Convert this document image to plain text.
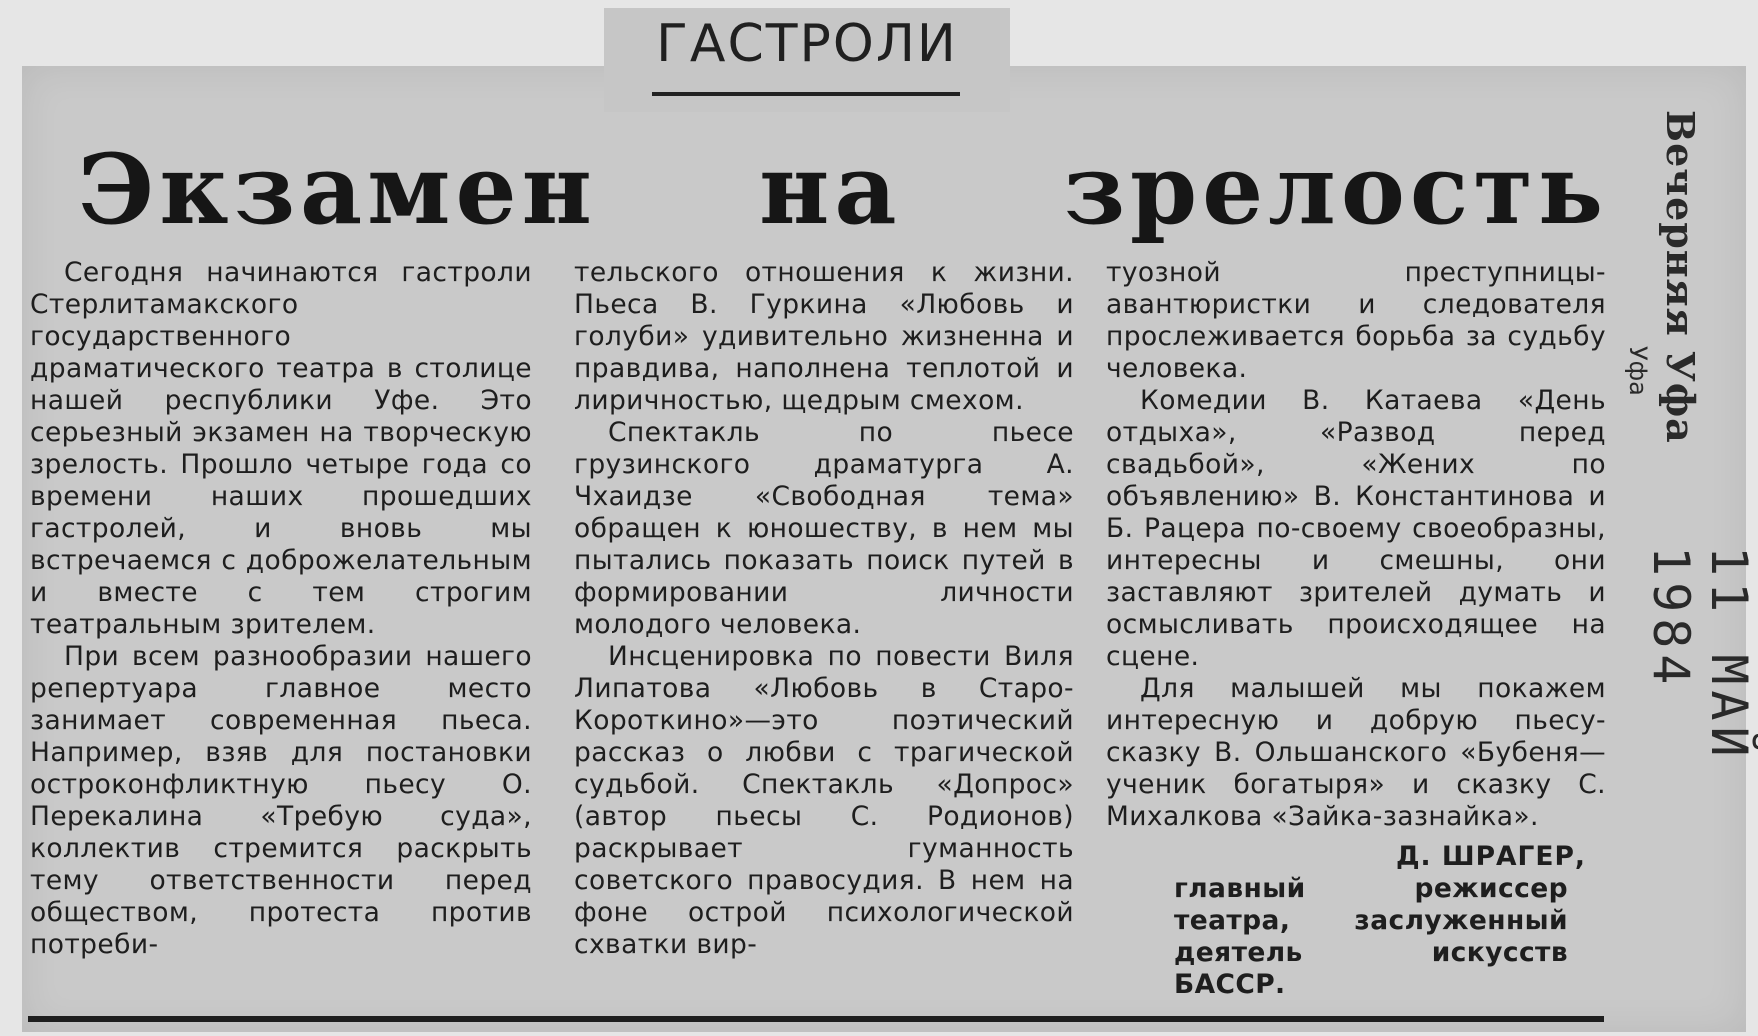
ГАСТРОЛИ
Экзамен на зрелость

Сегодня начинаются гастроли Стерлитамакского государственного драматического театра в столице нашей республики Уфе. Это серьезный экзамен на творческую зрелость. Прошло четыре года со времени наших прошедших гастролей, и вновь мы встречаемся с доброжелательным и вместе с тем строгим театральным зрителем.

При всем разнообразии нашего репертуара главное место занимает современная пьеса. Например, взяв для постановки остроконфликтную пьесу О. Перекалина «Требую суда», коллектив стремится раскрыть тему ответственности перед обществом, протеста против потреби-

тельского отношения к жизни. Пьеса В. Гуркина «Любовь и голуби» удивительно жизненна и правдива, наполнена теплотой и лиричностью, щедрым смехом.

Спектакль по пьесе грузинского драматурга А. Чхаидзе «Свободная тема» обращен к юношеству, в нем мы пытались показать поиск путей в формировании личности молодого человека.

Инсценировка по повести Виля Липатова «Любовь в Старо-Короткино»—это поэтический рассказ о любви с трагической судьбой. Спектакль «Допрос» (автор пьесы С. Родионов) раскрывает гуманность советского правосудия. В нем на фоне острой психологической схватки вир-

туозной преступницы-авантюристки и следователя прослеживается борьба за судьбу человека.

Комедии В. Катаева «День отдыха», «Развод перед свадьбой», «Жених по объявлению» В. Константинова и Б. Рацера по-своему своеобразны, интересны и смешны, они заставляют зрителей думать и осмысливать происходящее на сцене.

Для малышей мы покажем интересную и добрую пьесу-сказку В. Ольшанского «Бубеня—ученик богатыря» и сказку С. Михалкова «Зайка-зазнайка».

Д. ШРАГЕР,
главный режиссер театра, заслуженный деятель искусств БАССР.
Вечерняя Уфа
Уфа
11 МАЙ 1984
